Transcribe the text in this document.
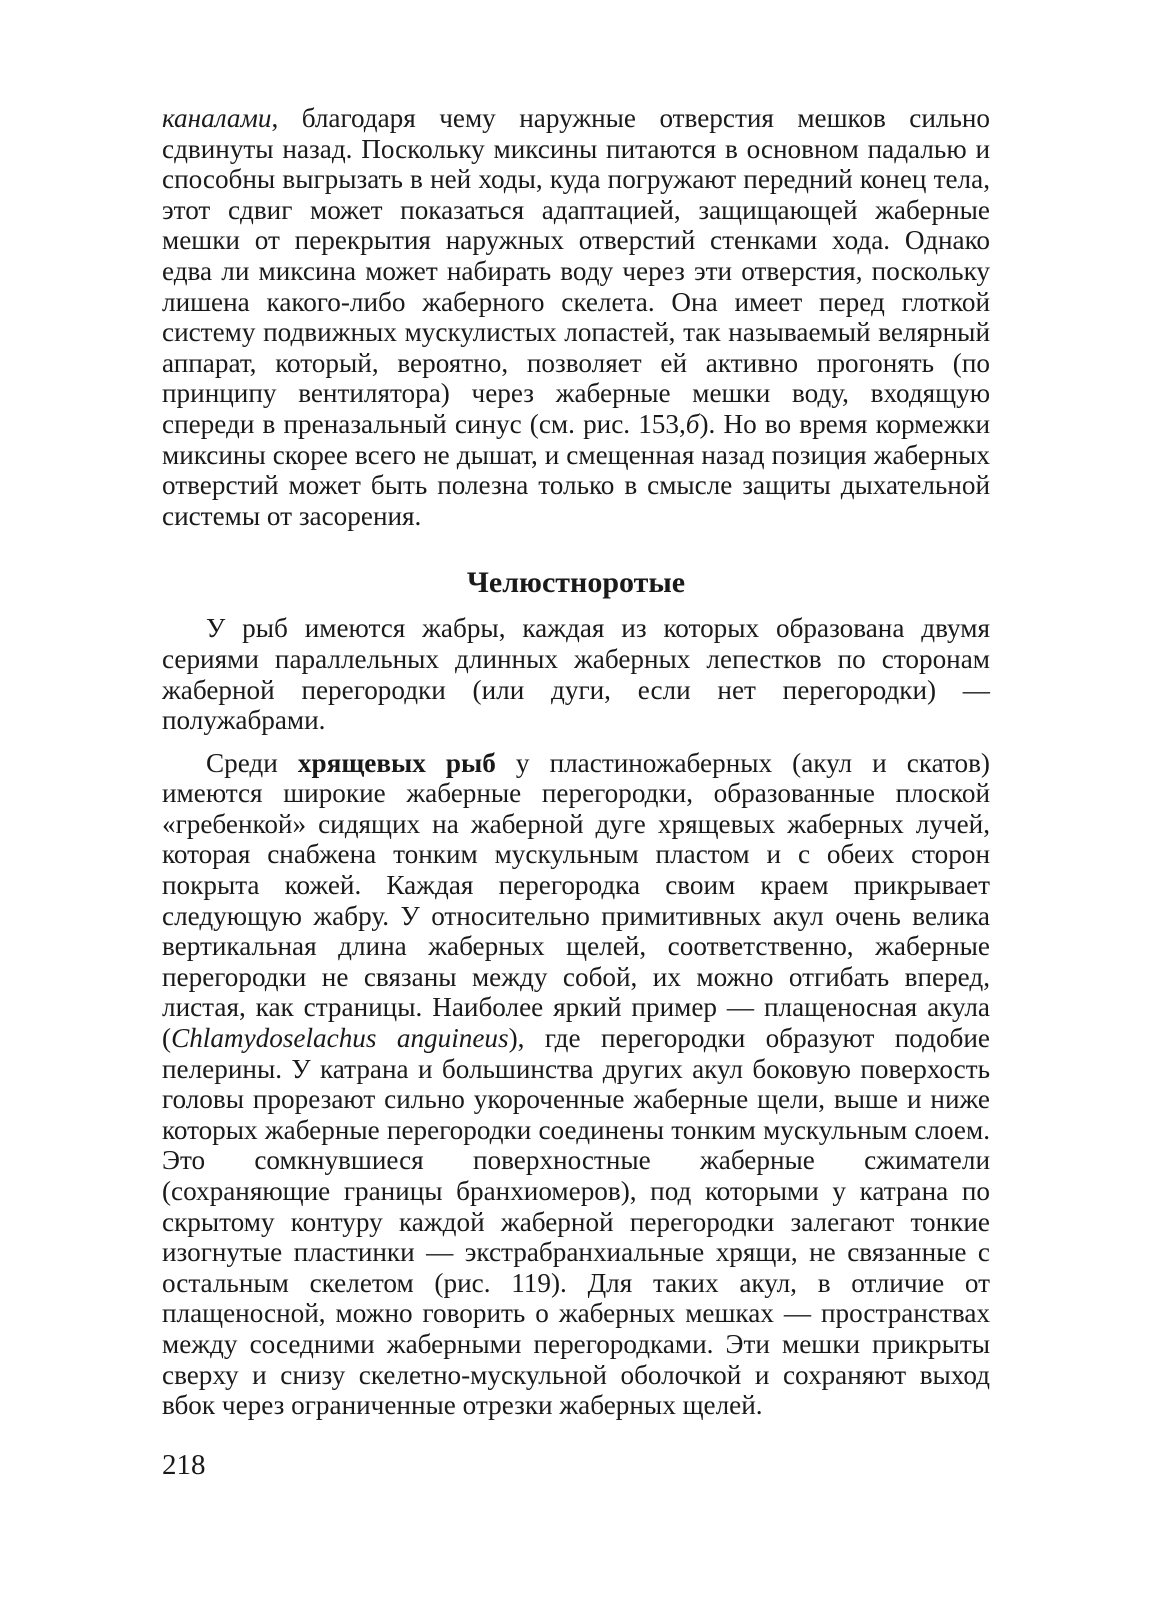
каналами, благодаря чему наружные отверстия мешков сильно сдвинуты назад. Поскольку миксины питаются в основном падалью и способны выгрызать в ней ходы, куда погружают передний конец тела, этот сдвиг может показаться адаптацией, защищающей жаберные мешки от перекрытия наружных отверстий стенками хода. Однако едва ли миксина может набирать воду через эти отверстия, поскольку лишена какого-либо жаберного скелета. Она имеет перед глоткой систему подвижных мускулистых лопастей, так называемый велярный аппарат, который, вероятно, позволяет ей активно прогонять (по принципу вентилятора) через жаберные мешки воду, входящую спереди в преназальный синус (см. рис. 153,б). Но во время кормежки миксины скорее всего не дышат, и смещенная назад позиция жаберных отверстий может быть полезна только в смысле защиты дыхательной системы от засорения.

Челюстноротые

У рыб имеются жабры, каждая из которых образована двумя сериями параллельных длинных жаберных лепестков по сторонам жаберной перегородки (или дуги, если нет перегородки) — полужабрами.

Среди хрящевых рыб у пластиножаберных (акул и скатов) имеются широкие жаберные перегородки, образованные плоской «гребенкой» сидящих на жаберной дуге хрящевых жаберных лучей, которая снабжена тонким мускульным пластом и с обеих сторон покрыта кожей. Каждая перегородка своим краем прикрывает следующую жабру. У относительно примитивных акул очень велика вертикальная длина жаберных щелей, соответственно, жаберные перегородки не связаны между собой, их можно отгибать вперед, листая, как страницы. Наиболее яркий пример — плащеносная акула (Chlamydoselachus anguineus), где перегородки образуют подобие пелерины. У катрана и большинства других акул боковую поверхость головы прорезают сильно укороченные жаберные щели, выше и ниже которых жаберные перегородки соединены тонким мускульным слоем. Это сомкнувшиеся поверхностные жаберные сжиматели (сохраняющие границы бранхиомеров), под которыми у катрана по скрытому контуру каждой жаберной перегородки залегают тонкие изогнутые пластинки — экстрабранхиальные хрящи, не связанные с остальным скелетом (рис. 119). Для таких акул, в отличие от плащеносной, можно говорить о жаберных мешках — пространствах между соседними жаберными перегородками. Эти мешки прикрыты сверху и снизу скелетно-мускульной оболочкой и сохраняют выход вбок через ограниченные отрезки жаберных щелей.

218
